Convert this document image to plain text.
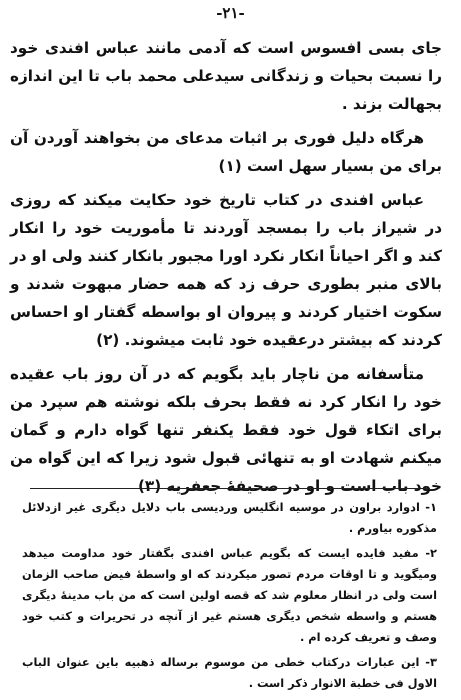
-۲۱-

جای بسی افسوس است که آدمی مانند عباس افندی خود را نسبت بحیات و زندگانی سیدعلی محمد باب تا این اندازه بجهالت بزند .

هرگاه دلیل فوری بر اثبات مدعای من بخواهند آوردن آن برای من بسیار سهل است (۱)

عباس افندی در کتاب تاریخ خود حکایت میکند که روزی در شیراز باب را بمسجد آوردند تا مأموریت خود را انکار کند و اگر احیاناً انکار نکرد اورا مجبور بانکار کنند ولی او در بالای منبر بطوری حرف زد که همه حضار مبهوت شدند و سکوت اختیار کردند و پیروان او بواسطه گفتار او احساس کردند که بیشتر درعقیده خود ثابت میشوند. (۲)

متأسفانه من ناچار باید بگویم که در آن روز باب عقیده خود را انکار کرد نه فقط بحرف بلکه نوشته هم سپرد من برای اتکاء قول خود فقط یکنفر تنها گواه دارم و گمان میکنم شهادت او به تنهائی قبول شود زیرا که این گواه من خود باب است و او در صحیفهٔ جعفریه (۳)

۱- ادوارد براون در موسیه انگلیس وردیسی باب دلایل دیگری غیر ازدلائل مذکوره بیاورم .

۲- مفید فایده ایست که بگویم عباس افندی بگفتار خود مداومت میدهد ومیگوید و تا اوقات مردم تصور میکردند که او واسطهٔ فیض صاحب الزمان است ولی در انظار معلوم شد که قصه اولین است که من باب مدینهٔ دیگری هستم و واسطه شخص دیگری هستم غیر از آنچه در تحریرات و کتب خود وصف و تعریف کرده ام .

۳- این عبارات درکتاب خطی من موسوم برساله ذهبیه باین عنوان الباب الاول فی خطبة الانوار ذکر است .
